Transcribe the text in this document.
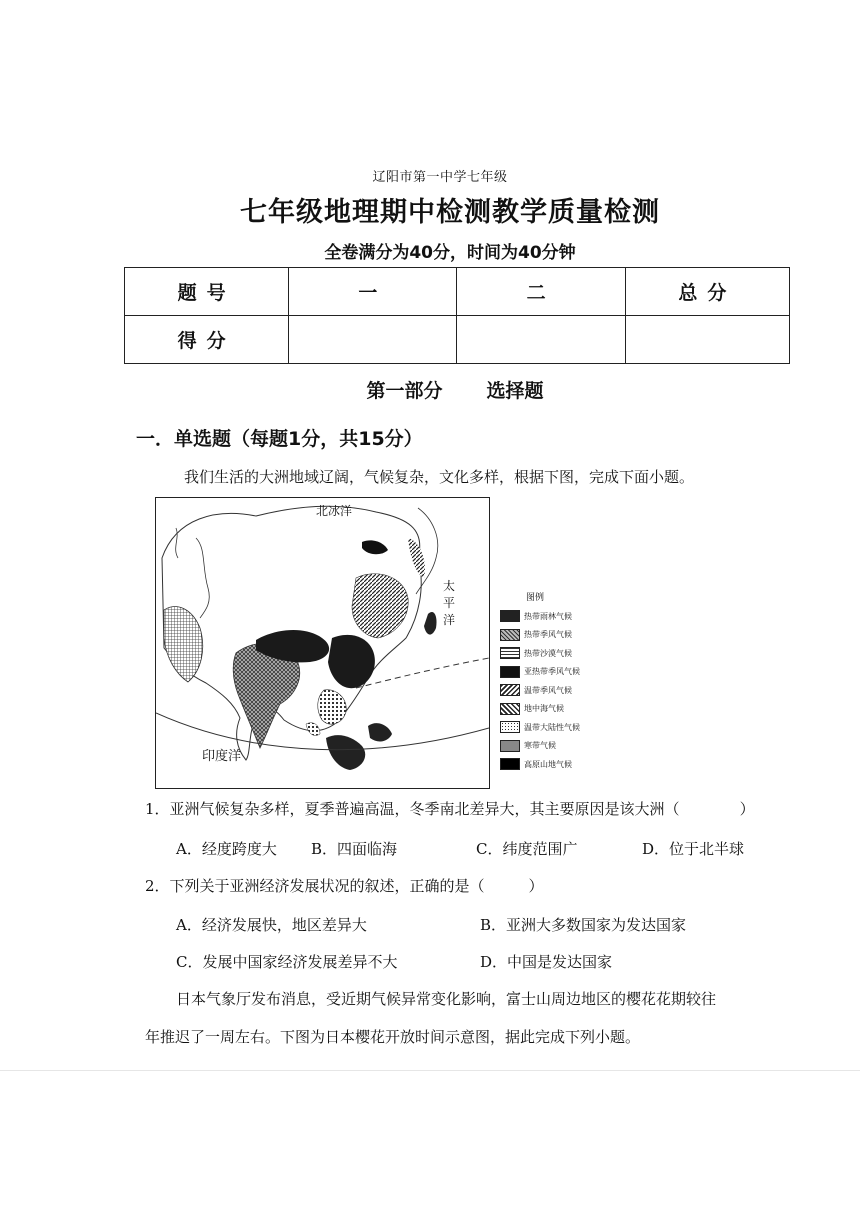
辽阳市第一中学七年级
七年级地理期中检测教学质量检测
全卷满分为40分，时间为40分钟
题号	一	二	总分
得分			
第一部分 选择题
一．单选题（每题1分，共15分）
我们生活的大洲地域辽阔，气候复杂，文化多样，根据下图，完成下面小题。
北冰洋
太
平
洋
印度洋
图例
热带雨林气候
热带季风气候
热带沙漠气候
亚热带季风气候
温带季风气候
地中海气候
温带大陆性气候
寒带气候
高原山地气候
1．亚洲气候复杂多样，夏季普遍高温，冬季南北差异大，其主要原因是该大洲（	）
A．经度跨度大 B．四面临海	C．纬度范围广	D．位于北半球
2．下列关于亚洲经济发展状况的叙述，正确的是（	）
A．经济发展快，地区差异大	B．亚洲大多数国家为发达国家
C．发展中国家经济发展差异不大	D．中国是发达国家
日本气象厅发布消息，受近期气候异常变化影响，富士山周边地区的樱花花期较往
年推迟了一周左右。下图为日本樱花开放时间示意图，据此完成下列小题。
